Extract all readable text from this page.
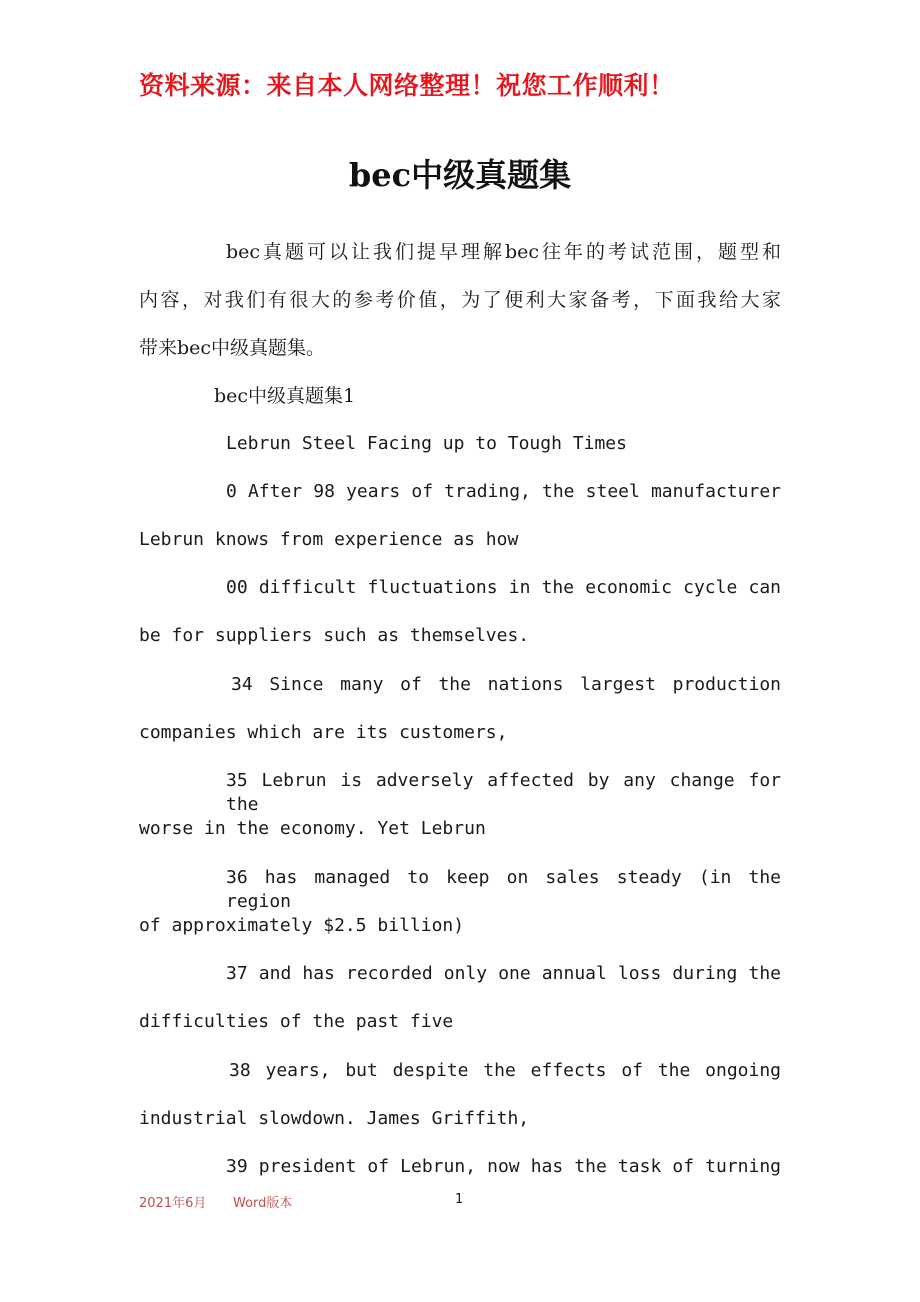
资料来源：来自本人网络整理！祝您工作顺利！
bec中级真题集
bec真题可以让我们提早理解bec往年的考试范围，题型和
内容，对我们有很大的参考价值，为了便利大家备考，下面我给大家
带来bec中级真题集。
bec中级真题集1
Lebrun Steel Facing up to Tough Times
0 After 98 years of trading, the steel manufacturer
Lebrun knows from experience as how
00 difficult fluctuations in the economic cycle can
be for suppliers such as themselves.
34 Since many of the nations largest production
companies which are its customers,
35 Lebrun is adversely affected by any change for the
worse in the economy. Yet Lebrun
36 has managed to keep on sales steady (in the region
of approximately $2.5 billion)
37 and has recorded only one annual loss during the
difficulties of the past five
38 years, but despite the effects of the ongoing
industrial slowdown. James Griffith,
39 president of Lebrun, now has the task of turning
2021年6月 Word版本	1
